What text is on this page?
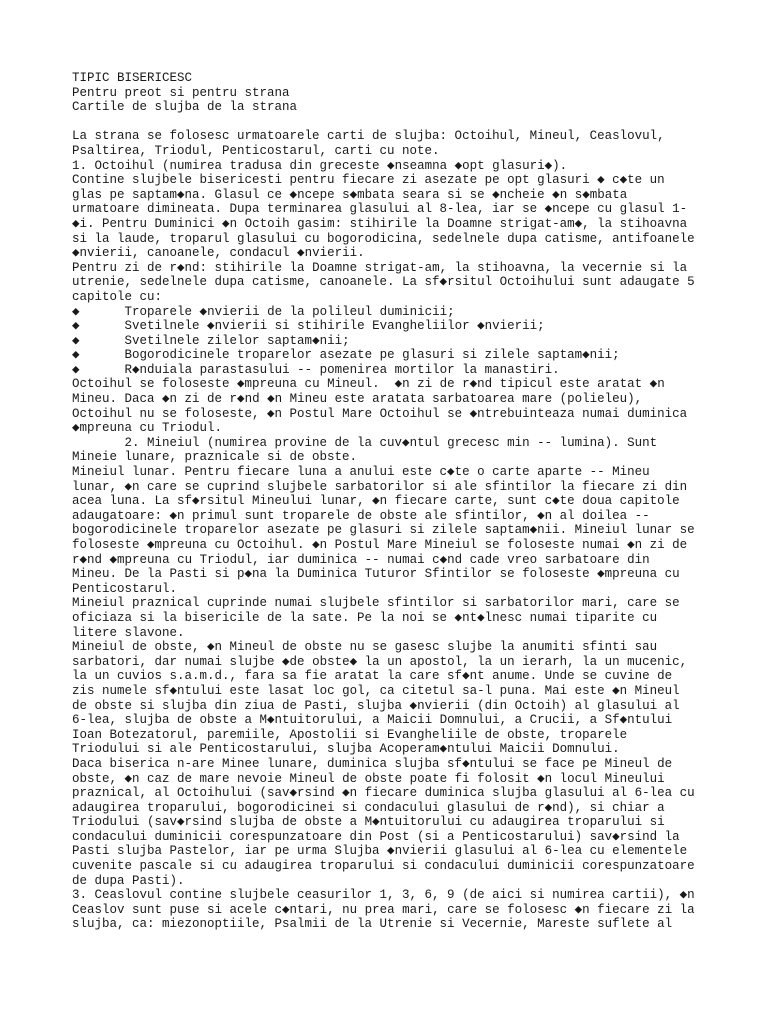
TIPIC BISERICESC
Pentru preot si pentru strana
Cartile de slujba de la strana
La strana se folosesc urmatoarele carti de slujba: Octoihul, Mineul, Ceaslovul,
Psaltirea, Triodul, Penticostarul, carti cu note.
1. Octoihul (numirea tradusa din greceste ◆nseamna ◆opt glasuri◆).
Contine slujbele bisericesti pentru fiecare zi asezate pe opt glasuri ◆ c◆te un
glas pe saptam◆na. Glasul ce ◆ncepe s◆mbata seara si se ◆ncheie ◆n s◆mbata
urmatoare dimineata. Dupa terminarea glasului al 8-lea, iar se ◆ncepe cu glasul 1-
◆i. Pentru Duminici ◆n Octoih gasim: stihirile la Doamne strigat-am◆, la stihoavna
si la laude, troparul glasului cu bogorodicina, sedelnele dupa catisme, antifoanele
◆nvierii, canoanele, condacul ◆nvierii.
Pentru zi de r◆nd: stihirile la Doamne strigat-am, la stihoavna, la vecernie si la
utrenie, sedelnele dupa catisme, canoanele. La sf◆rsitul Octoihului sunt adaugate 5
capitole cu:
◆      Troparele ◆nvierii de la polileul duminicii;
◆      Svetilnele ◆nvierii si stihirile Evangheliilor ◆nvierii;
◆      Svetilnele zilelor saptam◆nii;
◆      Bogorodicinele troparelor asezate pe glasuri si zilele saptam◆nii;
◆      R◆nduiala parastasului -- pomenirea mortilor la manastiri.
Octoihul se foloseste ◆mpreuna cu Mineul.  ◆n zi de r◆nd tipicul este aratat ◆n
Mineu. Daca ◆n zi de r◆nd ◆n Mineu este aratata sarbatoarea mare (polieleu),
Octoihul nu se foloseste, ◆n Postul Mare Octoihul se ◆ntrebuinteaza numai duminica
◆mpreuna cu Triodul.
2. Mineiul (numirea provine de la cuv◆ntul grecesc min -- lumina). Sunt
Mineie lunare, praznicale si de obste.
Mineiul lunar. Pentru fiecare luna a anului este c◆te o carte aparte -- Mineu
lunar, ◆n care se cuprind slujbele sarbatorilor si ale sfintilor la fiecare zi din
acea luna. La sf◆rsitul Mineului lunar, ◆n fiecare carte, sunt c◆te doua capitole
adaugatoare: ◆n primul sunt troparele de obste ale sfintilor, ◆n al doilea --
bogorodicinele troparelor asezate pe glasuri si zilele saptam◆nii. Mineiul lunar se
foloseste ◆mpreuna cu Octoihul. ◆n Postul Mare Mineiul se foloseste numai ◆n zi de
r◆nd ◆mpreuna cu Triodul, iar duminica -- numai c◆nd cade vreo sarbatoare din
Mineu. De la Pasti si p◆na la Duminica Tuturor Sfintilor se foloseste ◆mpreuna cu
Penticostarul.
Mineiul praznical cuprinde numai slujbele sfintilor si sarbatorilor mari, care se
oficiaza si la bisericile de la sate. Pe la noi se ◆nt◆lnesc numai tiparite cu
litere slavone.
Mineiul de obste, ◆n Mineul de obste nu se gasesc slujbe la anumiti sfinti sau
sarbatori, dar numai slujbe ◆de obste◆ la un apostol, la un ierarh, la un mucenic,
la un cuvios s.a.m.d., fara sa fie aratat la care sf◆nt anume. Unde se cuvine de
zis numele sf◆ntului este lasat loc gol, ca citetul sa-l puna. Mai este ◆n Mineul
de obste si slujba din ziua de Pasti, slujba ◆nvierii (din Octoih) al glasului al
6-lea, slujba de obste a M◆ntuitorului, a Maicii Domnului, a Crucii, a Sf◆ntului
Ioan Botezatorul, paremiile, Apostolii si Evangheliile de obste, troparele
Triodului si ale Penticostarului, slujba Acoperam◆ntului Maicii Domnului.
Daca biserica n-are Minee lunare, duminica slujba sf◆ntului se face pe Mineul de
obste, ◆n caz de mare nevoie Mineul de obste poate fi folosit ◆n locul Mineului
praznical, al Octoihului (sav◆rsind ◆n fiecare duminica slujba glasului al 6-lea cu
adaugirea troparului, bogorodicinei si condacului glasului de r◆nd), si chiar a
Triodului (sav◆rsind slujba de obste a M◆ntuitorului cu adaugirea troparului si
condacului duminicii corespunzatoare din Post (si a Penticostarului) sav◆rsind la
Pasti slujba Pastelor, iar pe urma Slujba ◆nvierii glasului al 6-lea cu elementele
cuvenite pascale si cu adaugirea troparului si condacului duminicii corespunzatoare
de dupa Pasti).
3. Ceaslovul contine slujbele ceasurilor 1, 3, 6, 9 (de aici si numirea cartii), ◆n
Ceaslov sunt puse si acele c◆ntari, nu prea mari, care se folosesc ◆n fiecare zi la
slujba, ca: miezonoptiile, Psalmii de la Utrenie si Vecernie, Mareste suflete al
